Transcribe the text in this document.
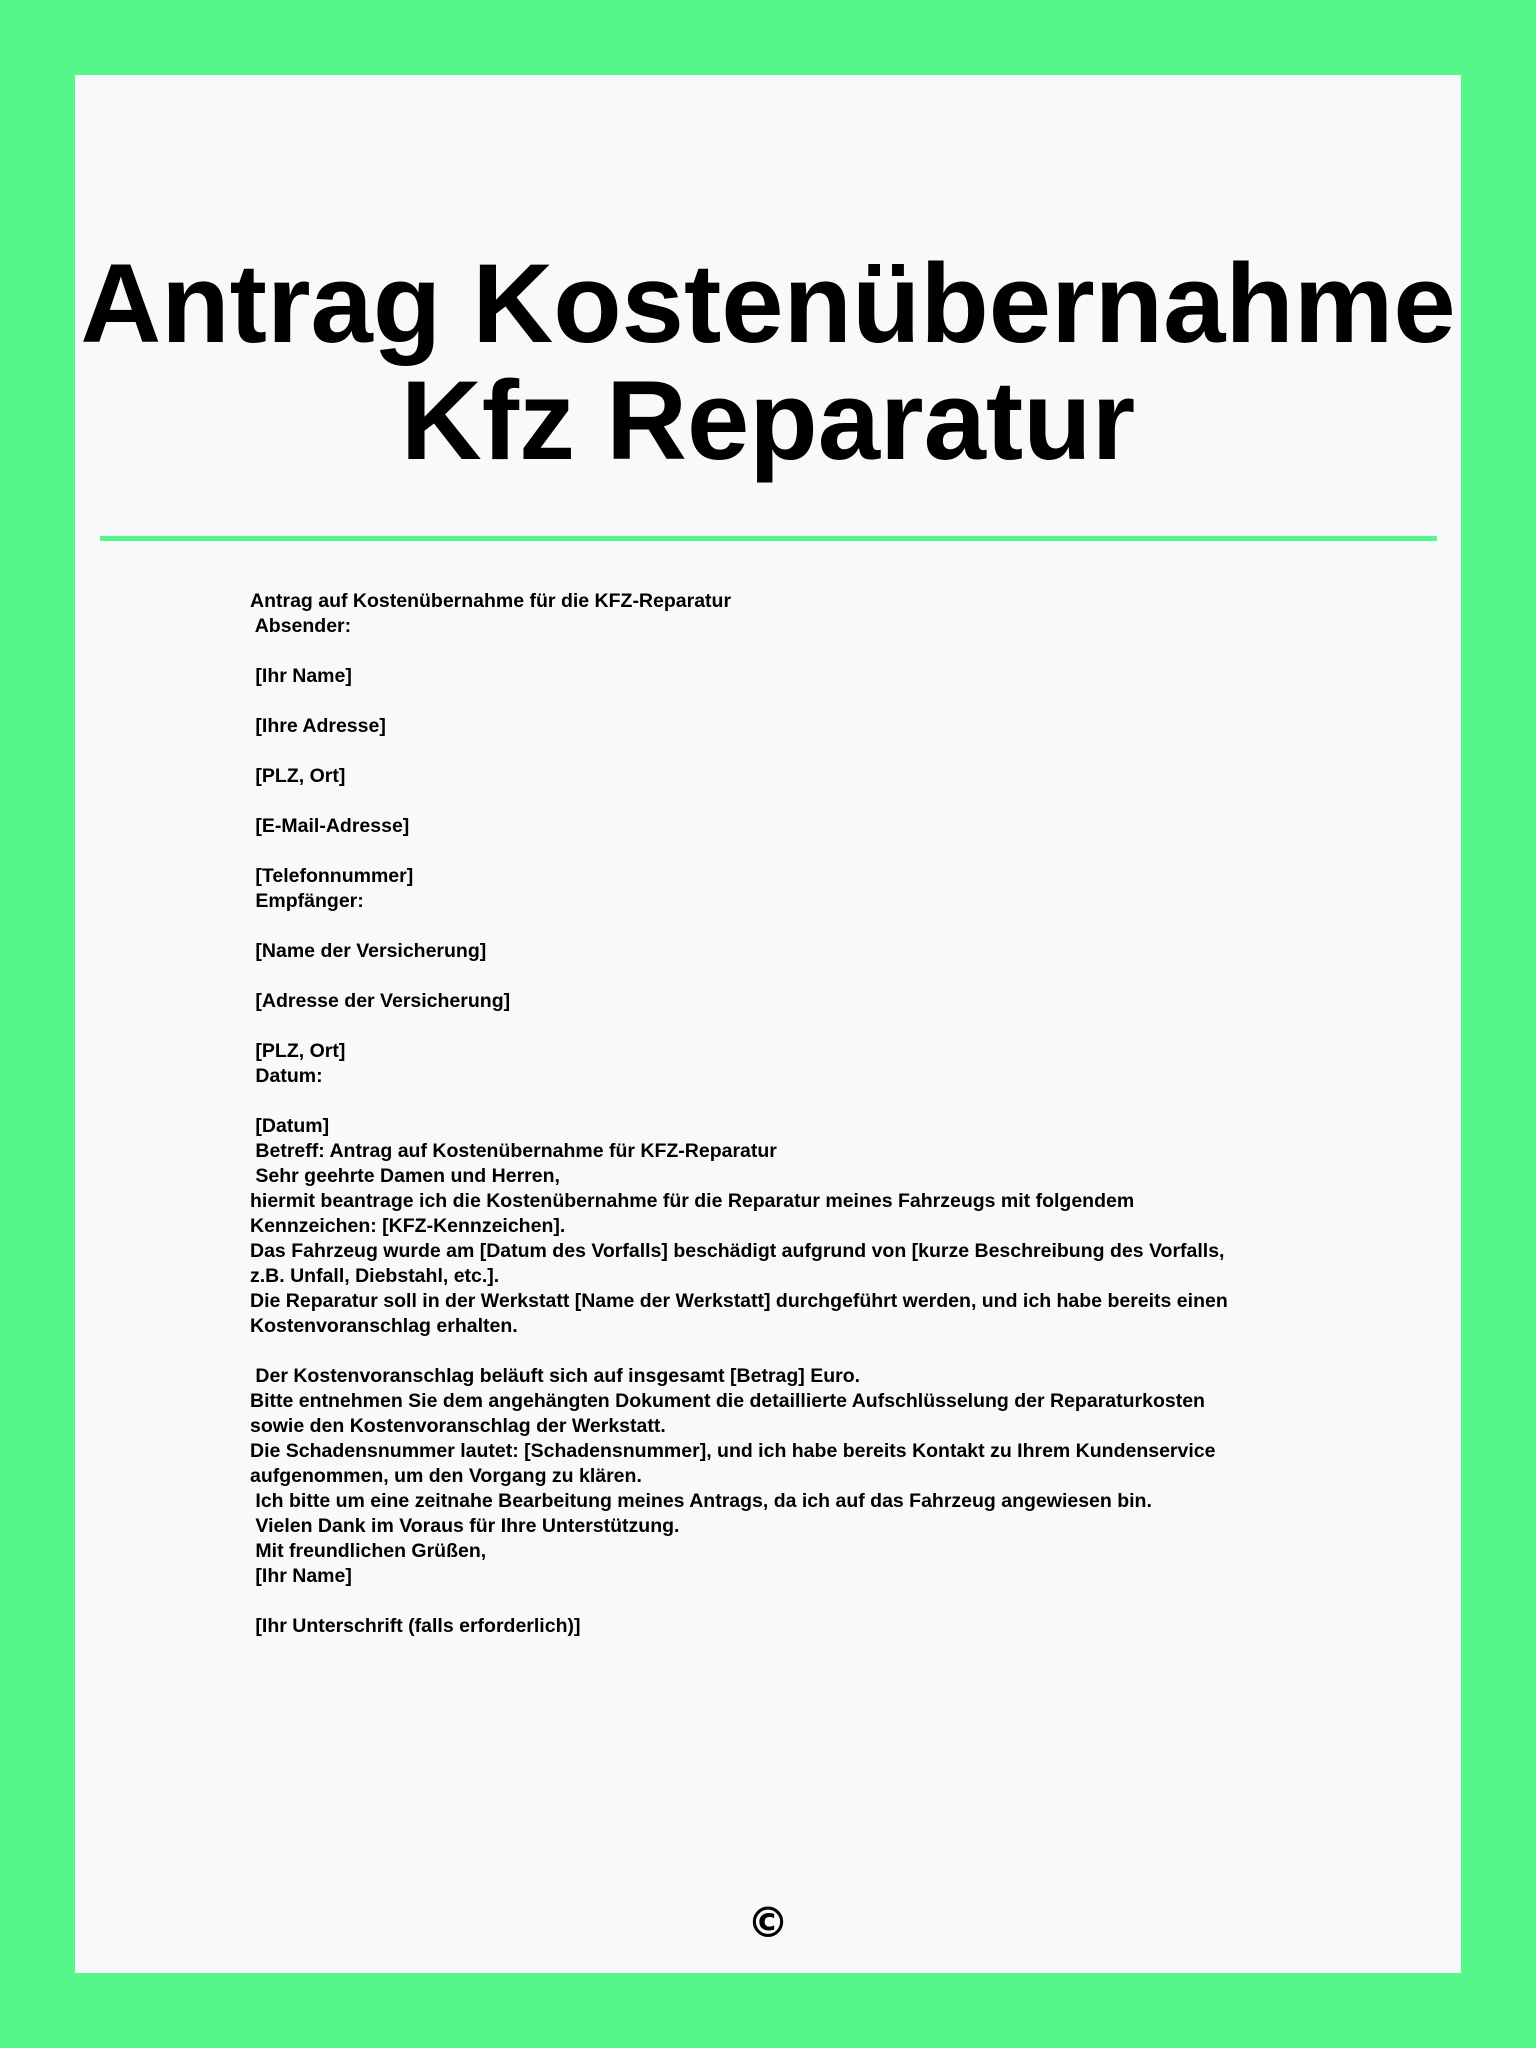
Antrag Kostenübernahme
Kfz Reparatur
Antrag auf Kostenübernahme für die KFZ-Reparatur
Absender:
[Ihr Name]
[Ihre Adresse]
[PLZ, Ort]
[E-Mail-Adresse]
[Telefonnummer]
Empfänger:
[Name der Versicherung]
[Adresse der Versicherung]
[PLZ, Ort]
Datum:
[Datum]
Betreff: Antrag auf Kostenübernahme für KFZ-Reparatur
Sehr geehrte Damen und Herren,
hiermit beantrage ich die Kostenübernahme für die Reparatur meines Fahrzeugs mit folgendem
Kennzeichen: [KFZ-Kennzeichen].
Das Fahrzeug wurde am [Datum des Vorfalls] beschädigt aufgrund von [kurze Beschreibung des Vorfalls,
z.B. Unfall, Diebstahl, etc.].
Die Reparatur soll in der Werkstatt [Name der Werkstatt] durchgeführt werden, und ich habe bereits einen
Kostenvoranschlag erhalten.
Der Kostenvoranschlag beläuft sich auf insgesamt [Betrag] Euro.
Bitte entnehmen Sie dem angehängten Dokument die detaillierte Aufschlüsselung der Reparaturkosten
sowie den Kostenvoranschlag der Werkstatt.
Die Schadensnummer lautet: [Schadensnummer], und ich habe bereits Kontakt zu Ihrem Kundenservice
aufgenommen, um den Vorgang zu klären.
Ich bitte um eine zeitnahe Bearbeitung meines Antrags, da ich auf das Fahrzeug angewiesen bin.
Vielen Dank im Voraus für Ihre Unterstützung.
Mit freundlichen Grüßen,
[Ihr Name]
[Ihr Unterschrift (falls erforderlich)]
©
